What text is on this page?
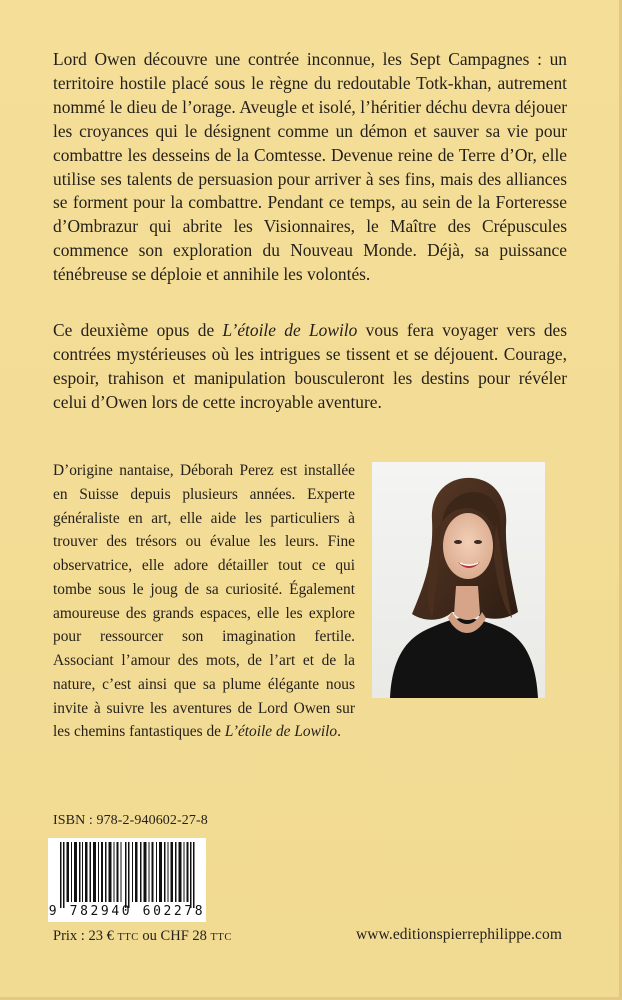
Lord Owen découvre une contrée inconnue, les Sept Campagnes : un territoire hostile placé sous le règne du redoutable Totk-khan, autrement nommé le dieu de l’orage. Aveugle et isolé, l’héritier déchu devra déjouer les croyances qui le désignent comme un démon et sauver sa vie pour combattre les desseins de la Comtesse. Devenue reine de Terre d’Or, elle utilise ses talents de persuasion pour arriver à ses fins, mais des alliances se forment pour la combattre. Pendant ce temps, au sein de la Forteresse d’Ombrazur qui abrite les Visionnaires, le Maître des Crépuscules commence son exploration du Nouveau Monde. Déjà, sa puissance ténébreuse se déploie et annihile les volontés.

Ce deuxième opus de L’étoile de Lowilo vous fera voyager vers des contrées mystérieuses où les intrigues se tissent et se déjouent. Courage, espoir, trahison et manipulation bousculeront les destins pour révéler celui d’Owen lors de cette incroyable aventure.

D’origine nantaise, Déborah Perez est installée en Suisse depuis plusieurs années. Experte généraliste en art, elle aide les particuliers à trouver des trésors ou évalue les leurs. Fine observatrice, elle adore détailler tout ce qui tombe sous le joug de sa curiosité. Également amoureuse des grands espaces, elle les explore pour ressourcer son imagination fertile. Associant l’amour des mots, de l’art et de la nature, c’est ainsi que sa plume élégante nous invite à suivre les aventures de Lord Owen sur les chemins fantastiques de L’étoile de Lowilo.

ISBN : 978-2-940602-27-8
9 782940 602278
Prix : 23 € TTC ou CHF 28 TTC	www.editionspierrephilippe.com
